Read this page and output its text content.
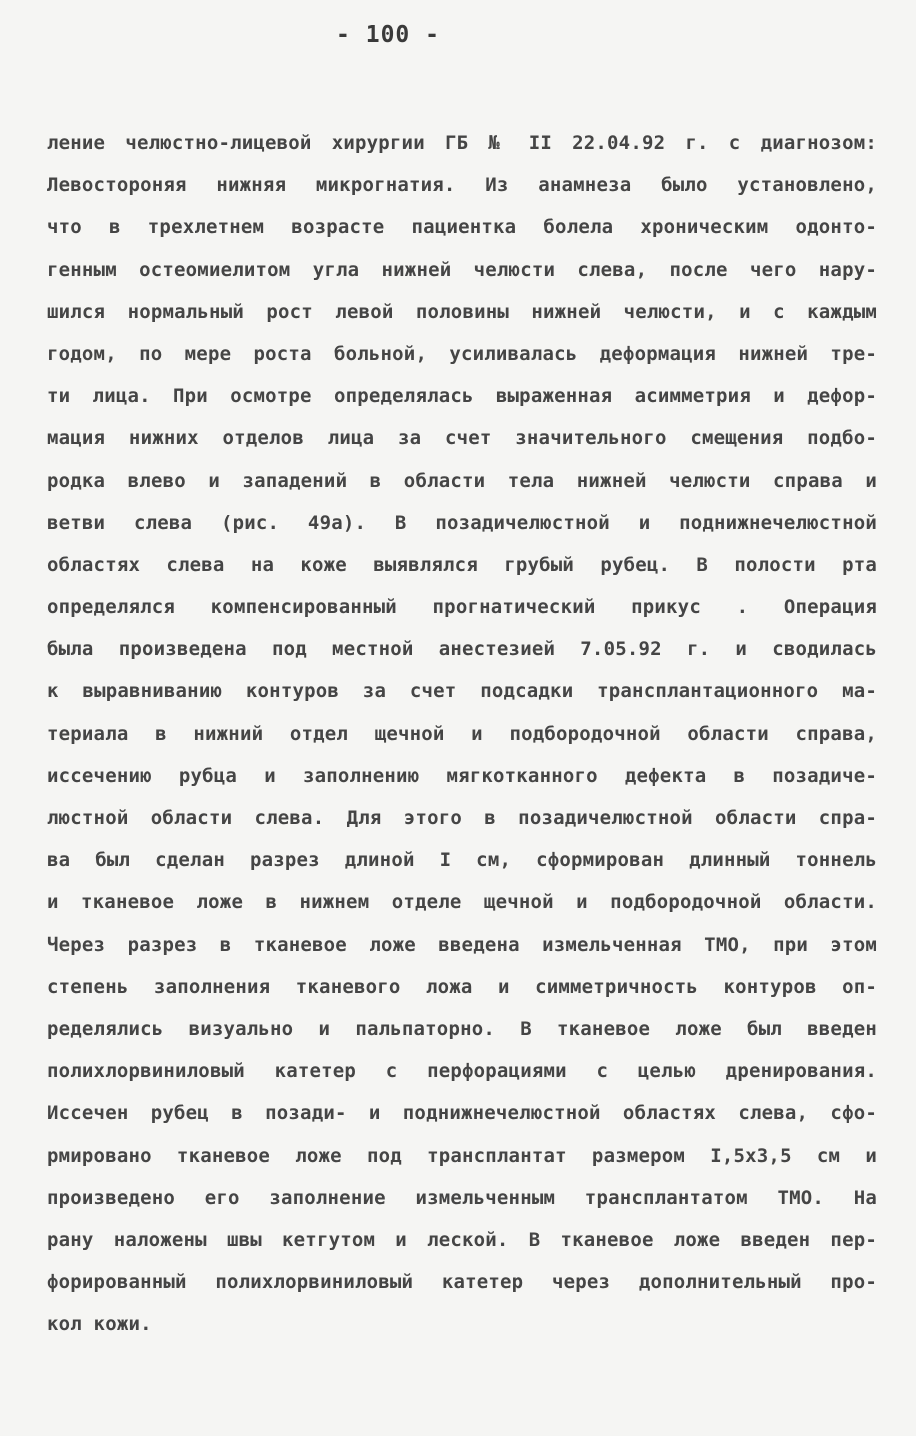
- 100 -
ление челюстно-лицевой хирургии ГБ № II 22.04.92 г. с диагнозом:
Левостороняя нижняя микрогнатия. Из анамнеза было установлено,
что в трехлетнем возрасте пациентка болела хроническим одонто-
генным остеомиелитом угла нижней челюсти слева, после чего нару-
шился нормальный рост левой половины нижней челюсти, и с каждым
годом, по мере роста больной, усиливалась деформация нижней тре-
ти лица. При осмотре определялась выраженная асимметрия и дефор-
мация нижних отделов лица за счет значительного смещения подбо-
родка влево и западений в области тела нижней челюсти справа и
ветви слева (рис. 49а). В позадичелюстной и поднижнечелюстной
областях слева на коже выявлялся грубый рубец. В полости рта
определялся компенсированный прогнатический прикус . Операция
была произведена под местной анестезией 7.05.92 г. и сводилась
к выравниванию контуров за счет подсадки трансплантационного ма-
териала в нижний отдел щечной и подбородочной области справа,
иссечению рубца и заполнению мягкотканного дефекта в позадиче-
люстной области слева. Для этого в позадичелюстной области спра-
ва был сделан разрез длиной I см, сформирован длинный тоннель
и тканевое ложе в нижнем отделе щечной и подбородочной области.
Через разрез в тканевое ложе введена измельченная ТМО, при этом
степень заполнения тканевого ложа и симметричность контуров оп-
ределялись визуально и пальпаторно. В тканевое ложе был введен
полихлорвиниловый катетер с перфорациями с целью дренирования.
Иссечен рубец в позади- и поднижнечелюстной областях слева, сфо-
рмировано тканевое ложе под трансплантат размером I,5х3,5 см и
произведено его заполнение измельченным трансплантатом ТМО. На
рану наложены швы кетгутом и леской. В тканевое ложе введен пер-
форированный полихлорвиниловый катетер через дополнительный про-
кол кожи.
